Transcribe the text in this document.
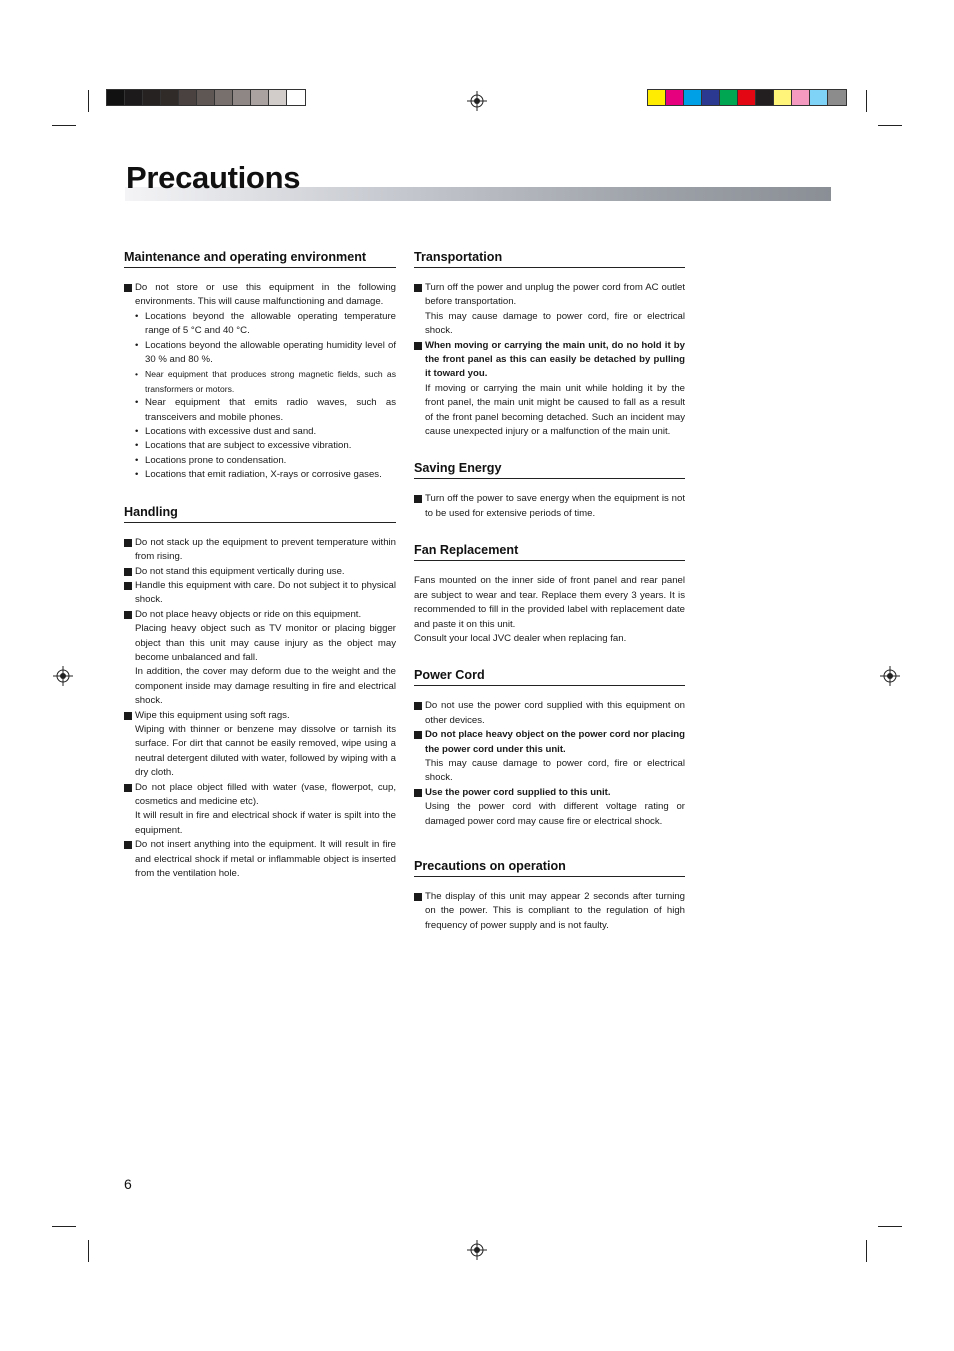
Precautions
Maintenance and operating environment

Do not store or use this equipment in the following environments. This will cause malfunctioning and damage.

• Locations beyond the allowable operating temperature range of 5 °C and 40 °C.
• Locations beyond the allowable operating humidity level of 30 % and 80 %.
• Near equipment that produces strong magnetic fields, such as transformers or motors.
• Near equipment that emits radio waves, such as transceivers and mobile phones.
• Locations with excessive dust and sand.
• Locations that are subject to excessive vibration.
• Locations prone to condensation.
• Locations that emit radiation, X-rays or corrosive gases.
Handling

Do not stack up the equipment to prevent temperature within from rising.

Do not stand this equipment vertically during use.

Handle this equipment with care. Do not subject it to physical shock.

Do not place heavy objects or ride on this equipment.
Placing heavy object such as TV monitor or placing bigger object than this unit may cause injury as the object may become unbalanced and fall.
In addition, the cover may deform due to the weight and the component inside may damage resulting in fire and electrical shock.

Wipe this equipment using soft rags.
Wiping with thinner or benzene may dissolve or tarnish its surface. For dirt that cannot be easily removed, wipe using a neutral detergent diluted with water, followed by wiping with a dry cloth.

Do not place object filled with water (vase, flowerpot, cup, cosmetics and medicine etc).
It will result in fire and electrical shock if water is spilt into the equipment.

Do not insert anything into the equipment. It will result in fire and electrical shock if metal or inflammable object is inserted from the ventilation hole.

Transportation

Turn off the power and unplug the power cord from AC outlet before transportation.
This may cause damage to power cord, fire or electrical shock.

When moving or carrying the main unit, do no hold it by the front panel as this can easily be detached by pulling it toward you.
If moving or carrying the main unit while holding it by the front panel, the main unit might be caused to fall as a result of the front panel becoming detached. Such an incident may cause unexpected injury or a malfunction of the main unit.

Saving Energy

Turn off the power to save energy when the equipment is not to be used for extensive periods of time.

Fan Replacement

Fans mounted on the inner side of front panel and rear panel are subject to wear and tear. Replace them every 3 years. It is recommended to fill in the provided label with replacement date and paste it on this unit.

Consult your local JVC dealer when replacing fan.

Power Cord

Do not use the power cord supplied with this equipment on other devices.

Do not place heavy object on the power cord nor placing the power cord under this unit.
This may cause damage to power cord, fire or electrical shock.

Use the power cord supplied to this unit.
Using the power cord with different voltage rating or damaged power cord may cause fire or electrical shock.

Precautions on operation

The display of this unit may appear 2 seconds after turning on the power. This is compliant to the regulation of high frequency of power supply and is not faulty.

6
